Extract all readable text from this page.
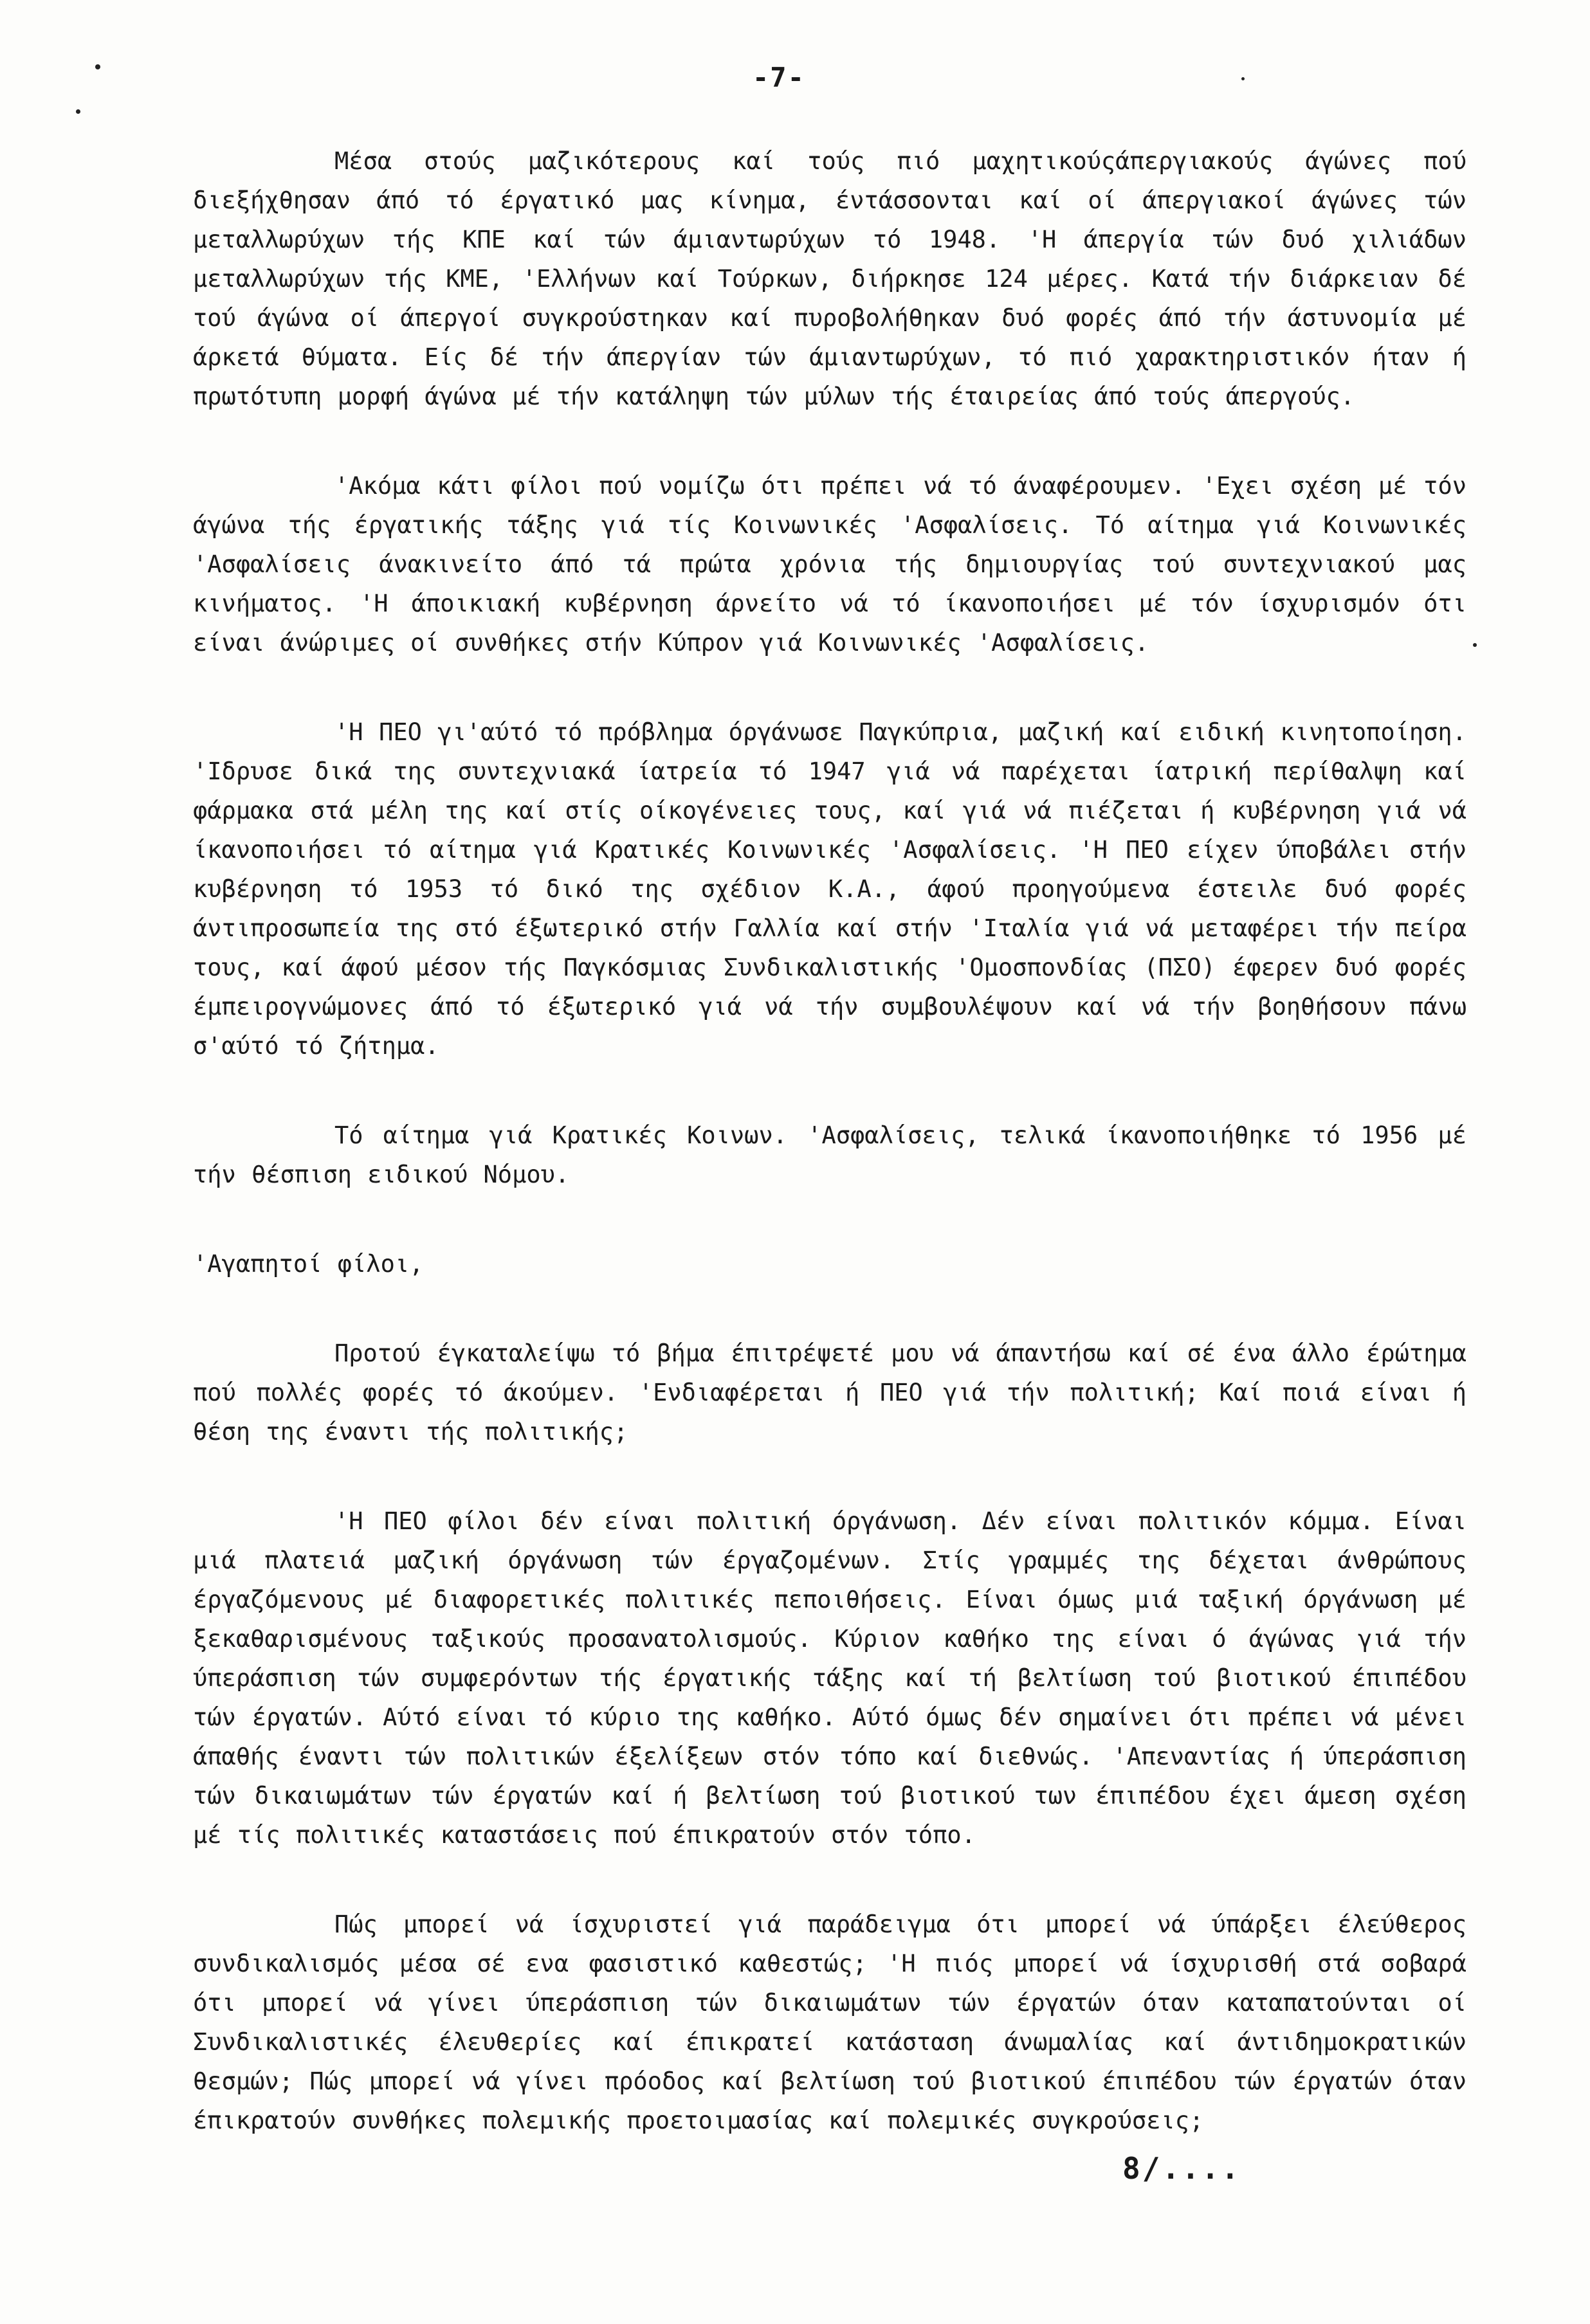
-7-

Μέσα στούς μαζικότερους καί τούς πιό μαχητικούςάπεργιακούς άγώνες πού διεξήχθησαν άπό τό έργατικό μας κίνημα, έντάσσονται καί οί άπεργιακοί άγώνες τών μεταλλωρύχων τής ΚΠΕ καί τών άμιαντωρύχων τό 1948. 'Η άπεργία τών δυό χιλιάδων μεταλλωρύχων τής ΚΜΕ, 'Ελλήνων καί Τούρκων, διήρκησε 124 μέρες. Κατά τήν διάρκειαν δέ τού άγώνα οί άπεργοί συγκρούστηκαν καί πυροβολήθηκαν δυό φορές άπό τήν άστυνομία μέ άρκετά θύματα. Είς δέ τήν άπεργίαν τών άμιαντωρύχων, τό πιό χαρακτηριστικόν ήταν ή πρωτότυπη μορφή άγώνα μέ τήν κατάληψη τών μύλων τής έταιρείας άπό τούς άπεργούς.

'Ακόμα κάτι φίλοι πού νομίζω ότι πρέπει νά τό άναφέρουμεν. 'Εχει σχέση μέ τόν άγώνα τής έργατικής τάξης γιά τίς Κοινωνικές 'Ασφαλίσεις. Τό αίτημα γιά Κοινωνικές 'Ασφαλίσεις άνακινείτο άπό τά πρώτα χρόνια τής δημιουργίας τού συντεχνιακού μας κινήματος. 'Η άποικιακή κυβέρνηση άρνείτο νά τό ίκανοποιήσει μέ τόν ίσχυρισμόν ότι είναι άνώριμες οί συνθήκες στήν Κύπρον γιά Κοινωνικές 'Ασφαλίσεις.

'Η ΠΕΟ γι'αύτό τό πρόβλημα όργάνωσε Παγκύπρια, μαζική καί ειδική κινητοποίηση. 'Ιδρυσε δικά της συντεχνιακά ίατρεία τό 1947 γιά νά παρέχεται ίατρική περίθαλψη καί φάρμακα στά μέλη της καί στίς οίκογένειες τους, καί γιά νά πιέζεται ή κυβέρνηση γιά νά ίκανοποιήσει τό αίτημα γιά Κρατικές Κοινωνικές 'Ασφαλίσεις. 'Η ΠΕΟ είχεν ύποβάλει στήν κυβέρνηση τό 1953 τό δικό της σχέδιον Κ.Α., άφού προηγούμενα έστειλε δυό φορές άντιπροσωπεία της στό έξωτερικό στήν Γαλλία καί στήν 'Ιταλία γιά νά μεταφέρει τήν πείρα τους, καί άφού μέσον τής Παγκόσμιας Συνδικαλιστικής 'Ομοσπονδίας (ΠΣΟ) έφερεν δυό φορές έμπειρογνώμονες άπό τό έξωτερικό γιά νά τήν συμβουλέψουν καί νά τήν βοηθήσουν πάνω σ'αύτό τό ζήτημα.

Τό αίτημα γιά Κρατικές Κοινων. 'Ασφαλίσεις, τελικά ίκανοποιήθηκε τό 1956 μέ τήν θέσπιση ειδικού Νόμου.

'Αγαπητοί φίλοι,

Προτού έγκαταλείψω τό βήμα έπιτρέψετέ μου νά άπαντήσω καί σέ ένα άλλο έρώτημα πού πολλές φορές τό άκούμεν. 'Ενδιαφέρεται ή ΠΕΟ γιά τήν πολιτική; Καί ποιά είναι ή θέση της έναντι τής πολιτικής;

'Η ΠΕΟ φίλοι δέν είναι πολιτική όργάνωση. Δέν είναι πολιτικόν κόμμα. Είναι μιά πλατειά μαζική όργάνωση τών έργαζομένων. Στίς γραμμές της δέχεται άνθρώπους έργαζόμενους μέ διαφορετικές πολιτικές πεποιθήσεις. Είναι όμως μιά ταξική όργάνωση μέ ξεκαθαρισμένους ταξικούς προσανατολισμούς. Κύριον καθήκο της είναι ό άγώνας γιά τήν ύπεράσπιση τών συμφερόντων τής έργατικής τάξης καί τή βελτίωση τού βιοτικού έπιπέδου τών έργατών. Αύτό είναι τό κύριο της καθήκο. Αύτό όμως δέν σημαίνει ότι πρέπει νά μένει άπαθής έναντι τών πολιτικών έξελίξεων στόν τόπο καί διεθνώς. 'Απεναντίας ή ύπεράσπιση τών δικαιωμάτων τών έργατών καί ή βελτίωση τού βιοτικού των έπιπέδου έχει άμεση σχέση μέ τίς πολιτικές καταστάσεις πού έπικρατούν στόν τόπο.

Πώς μπορεί νά ίσχυριστεί γιά παράδειγμα ότι μπορεί νά ύπάρξει έλεύθερος συνδικαλισμός μέσα σέ ενα φασιστικό καθεστώς; 'Η πιός μπορεί νά ίσχυρισθή στά σοβαρά ότι μπορεί νά γίνει ύπεράσπιση τών δικαιωμάτων τών έργατών όταν καταπατούνται οί Συνδικαλιστικές έλευθερίες καί έπικρατεί κατάσταση άνωμαλίας καί άντιδημοκρατικών θεσμών; Πώς μπορεί νά γίνει πρόοδος καί βελτίωση τού βιοτικού έπιπέδου τών έργατών όταν έπικρατούν συνθήκες πολεμικής προετοιμασίας καί πολεμικές συγκρούσεις;

8/....
